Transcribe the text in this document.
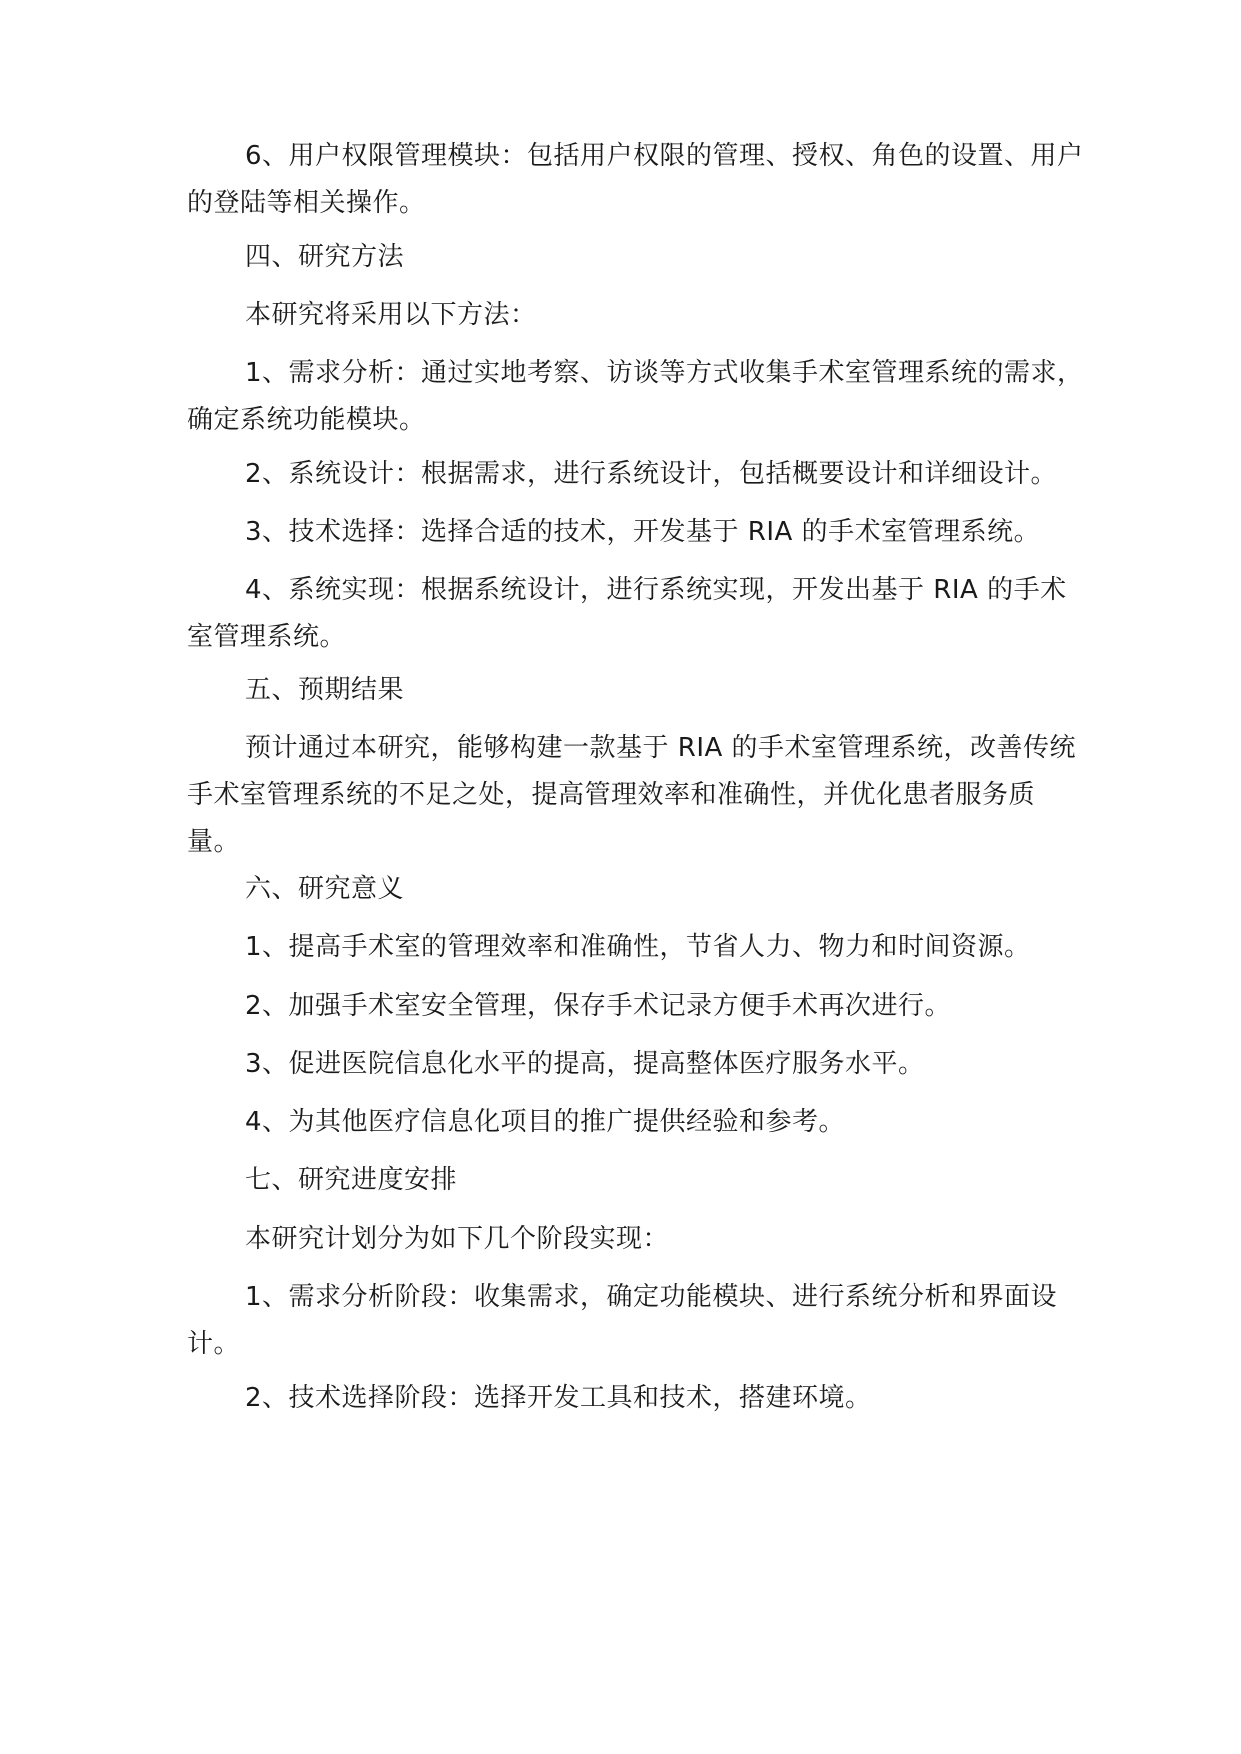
6、用户权限管理模块：包括用户权限的管理、授权、角色的设置、用户的登陆等相关操作。

四、研究方法

本研究将采用以下方法：

1、需求分析：通过实地考察、访谈等方式收集手术室管理系统的需求，确定系统功能模块。

2、系统设计：根据需求，进行系统设计，包括概要设计和详细设计。

3、技术选择：选择合适的技术，开发基于 RIA 的手术室管理系统。

4、系统实现：根据系统设计，进行系统实现，开发出基于 RIA 的手术室管理系统。

五、预期结果

预计通过本研究，能够构建一款基于 RIA 的手术室管理系统，改善传统手术室管理系统的不足之处，提高管理效率和准确性，并优化患者服务质量。

六、研究意义

1、提高手术室的管理效率和准确性，节省人力、物力和时间资源。

2、加强手术室安全管理，保存手术记录方便手术再次进行。

3、促进医院信息化水平的提高，提高整体医疗服务水平。

4、为其他医疗信息化项目的推广提供经验和参考。

七、研究进度安排

本研究计划分为如下几个阶段实现：

1、需求分析阶段：收集需求，确定功能模块、进行系统分析和界面设计。

2、技术选择阶段：选择开发工具和技术，搭建环境。
